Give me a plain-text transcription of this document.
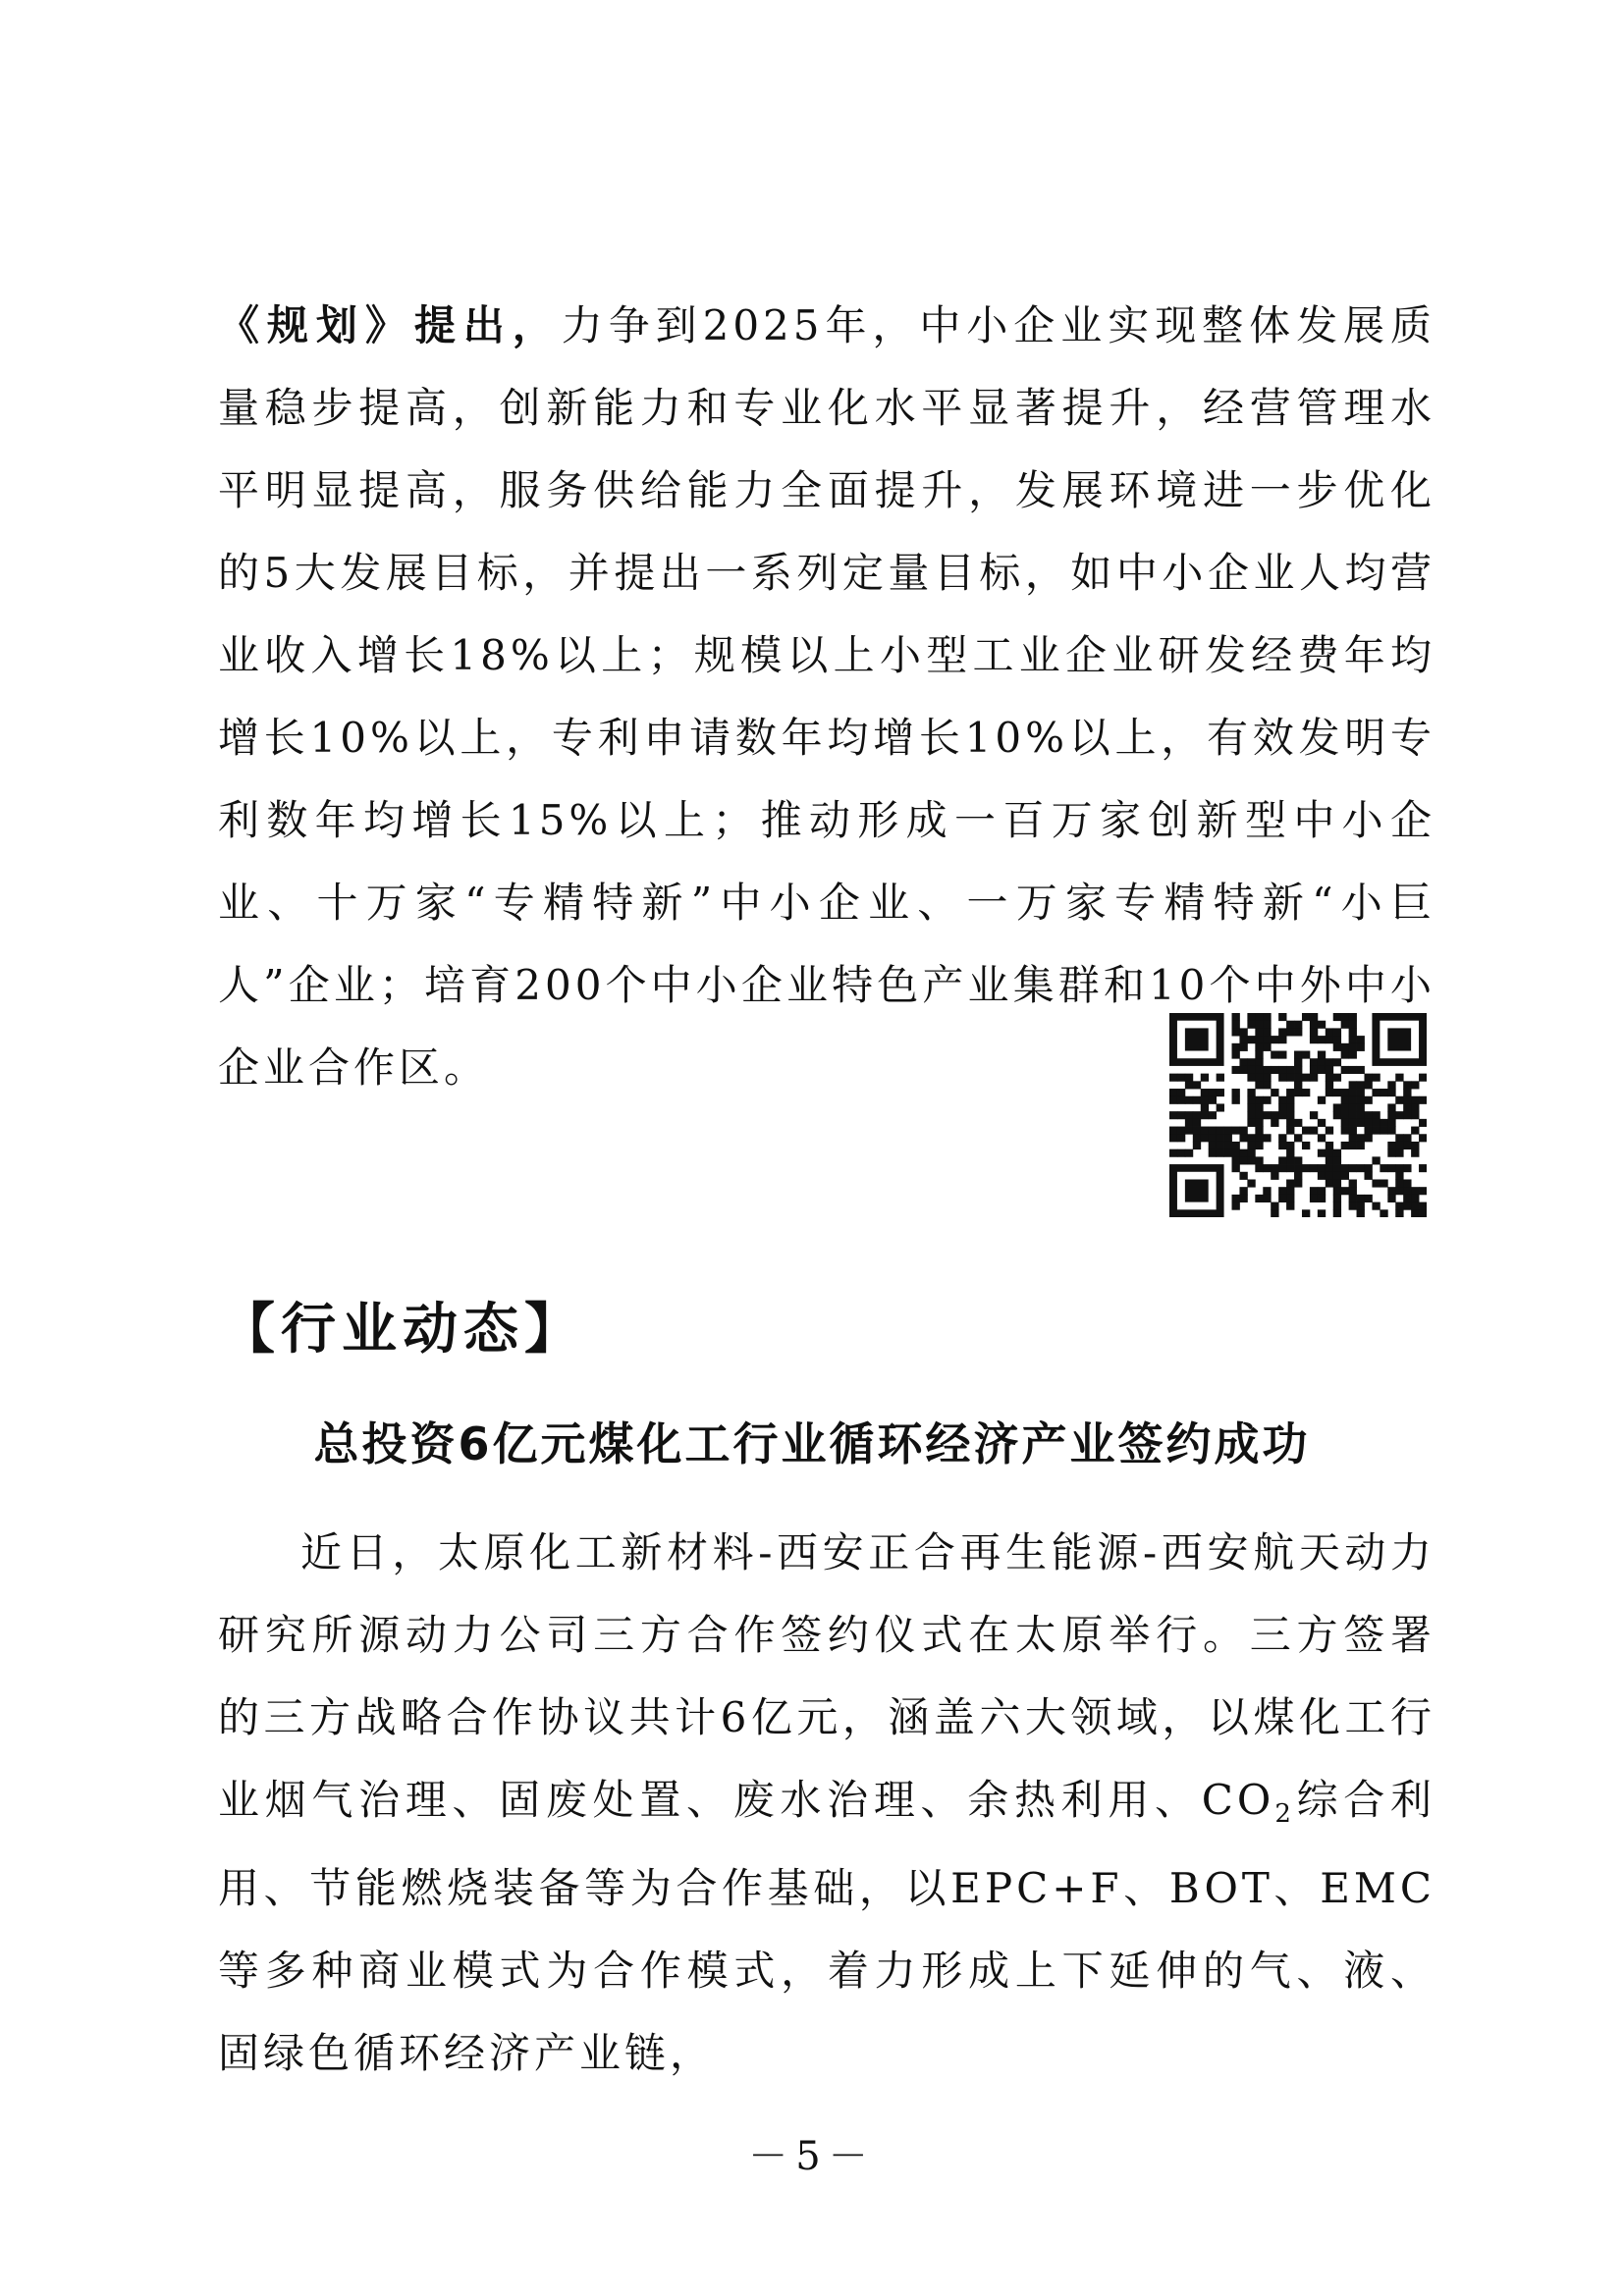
《规划》提出，力争到2025年，中小企业实现整体发展质量稳步提高，创新能力和专业化水平显著提升，经营管理水平明显提高，服务供给能力全面提升，发展环境进一步优化的5大发展目标，并提出一系列定量目标，如中小企业人均营业收入增长18%以上；规模以上小型工业企业研发经费年均增长10%以上，专利申请数年均增长10%以上，有效发明专利数年均增长15%以上；推动形成一百万家创新型中小企业、十万家“专精特新”中小企业、一万家专精特新“小巨人”企业；培育200个中小企业特色产业集群和10个中外中小企业合作区。
【行业动态】
总投资6亿元煤化工行业循环经济产业签约成功
近日，太原化工新材料-西安正合再生能源-西安航天动力研究所源动力公司三方合作签约仪式在太原举行。三方签署的三方战略合作协议共计6亿元，涵盖六大领域，以煤化工行业烟气治理、固废处置、废水治理、余热利用、$CO_2$综合利用、节能燃烧装备等为合作基础，以EPC+F、BOT、EMC等多种商业模式为合作模式，着力形成上下延伸的气、液、固绿色循环经济产业链，
－5－
